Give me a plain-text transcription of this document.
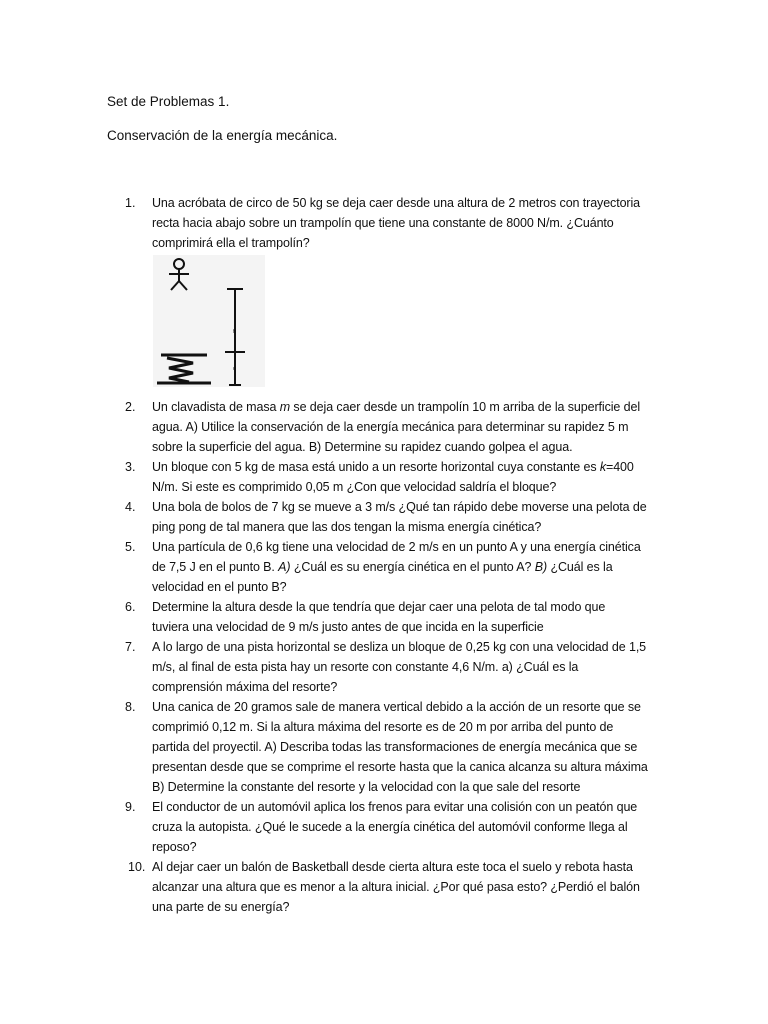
Set de Problemas 1.
Conservación de la energía mecánica.
1.	Una acróbata de circo de 50 kg se deja caer desde una altura de 2 metros con trayectoria
recta hacia abajo sobre un trampolín que tiene una constante de 8000 N/m. ¿Cuánto
comprimirá ella el trampolín?
2.	Un clavadista de masa m se deja caer desde un trampolín 10 m arriba de la superficie del
agua. A) Utilice la conservación de la energía mecánica para determinar su rapidez 5 m
sobre la superficie del agua. B) Determine su rapidez cuando golpea el agua.
3.	Un bloque con 5 kg de masa está unido a un resorte horizontal cuya constante es k=400
N/m. Si este es comprimido 0,05 m ¿Con que velocidad saldría el bloque?
4.	Una bola de bolos de 7 kg se mueve a 3 m/s ¿Qué tan rápido debe moverse una pelota de
ping pong de tal manera que las dos tengan la misma energía cinética?
5.	Una partícula de 0,6 kg tiene una velocidad de 2 m/s en un punto A y una energía cinética
de 7,5 J en el punto B. A) ¿Cuál es su energía cinética en el punto A? B) ¿Cuál es la
velocidad en el punto B?
6.	Determine la altura desde la que tendría que dejar caer una pelota de tal modo que
tuviera una velocidad de 9 m/s justo antes de que incida en la superficie
7.	A lo largo de una pista horizontal se desliza un bloque de 0,25 kg con una velocidad de 1,5
m/s, al final de esta pista hay un resorte con constante 4,6 N/m. a) ¿Cuál es la
comprensión máxima del resorte?
8.	Una canica de 20 gramos sale de manera vertical debido a la acción de un resorte que se
comprimió 0,12 m. Si la altura máxima del resorte es de 20 m por arriba del punto de
partida del proyectil. A) Describa todas las transformaciones de energía mecánica que se
presentan desde que se comprime el resorte hasta que la canica alcanza su altura máxima
B) Determine la constante del resorte y la velocidad con la que sale del resorte
9.	El conductor de un automóvil aplica los frenos para evitar una colisión con un peatón que
cruza la autopista. ¿Qué le sucede a la energía cinética del automóvil conforme llega al
reposo?
10. Al dejar caer un balón de Basketball desde cierta altura este toca el suelo y rebota hasta
alcanzar una altura que es menor a la altura inicial. ¿Por qué pasa esto? ¿Perdió el balón
una parte de su energía?
h
d
